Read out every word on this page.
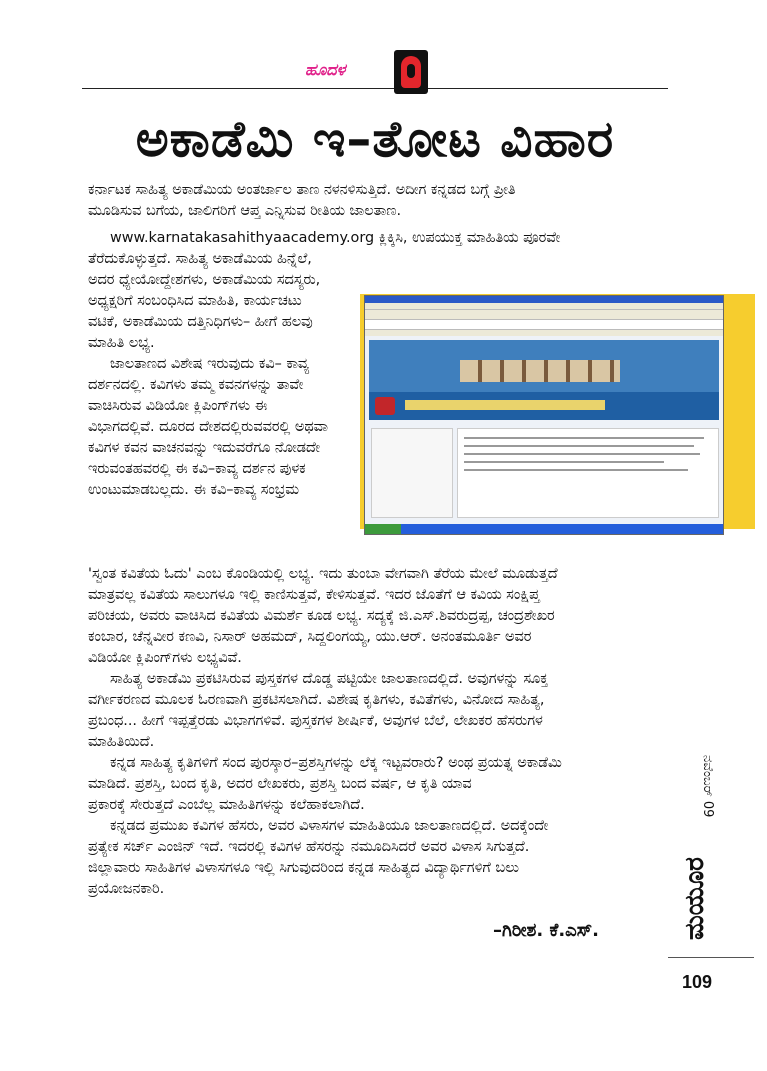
ಹೂದಳ
ಅಕಾಡೆಮಿ ಇ–ತೋಟ ವಿಹಾರ

ಕರ್ನಾಟಕ ಸಾಹಿತ್ಯ ಅಕಾಡೆಮಿಯ ಅಂತರ್ಜಾಲ ತಾಣ ನಳನಳಿಸುತ್ತಿದೆ. ಅದೀಗ ಕನ್ನಡದ ಬಗ್ಗೆ ಪ್ರೀತಿ

ಮೂಡಿಸುವ ಬಗೆಯ, ಜಾಲಿಗರಿಗೆ ಆಪ್ತ ಎನ್ನಿಸುವ ರೀತಿಯ ಜಾಲತಾಣ.

www.karnatakasahithyaacademy.org ಕ್ಲಿಕ್ಕಿಸಿ, ಉಪಯುಕ್ತ ಮಾಹಿತಿಯ ಪೂರವೇ

ತೆರೆದುಕೊಳ್ಳುತ್ತದೆ. ಸಾಹಿತ್ಯ ಅಕಾಡೆಮಿಯ ಹಿನ್ನೆಲೆ,

ಅದರ ಧ್ಯೇಯೋದ್ದೇಶಗಳು, ಅಕಾಡೆಮಿಯ ಸದಸ್ಯರು,

ಅಧ್ಯಕ್ಷರಿಗೆ ಸಂಬಂಧಿಸಿದ ಮಾಹಿತಿ, ಕಾರ್ಯಚಟು

ವಟಿಕೆ, ಅಕಾಡೆಮಿಯ ದತ್ತಿನಿಧಿಗಳು– ಹೀಗೆ ಹಲವು

ಮಾಹಿತಿ ಲಭ್ಯ.

ಜಾಲತಾಣದ ವಿಶೇಷ ಇರುವುದು ಕವಿ– ಕಾವ್ಯ

ದರ್ಶನದಲ್ಲಿ. ಕವಿಗಳು ತಮ್ಮ ಕವನಗಳನ್ನು ತಾವೇ

ವಾಚಿಸಿರುವ ವಿಡಿಯೋ ಕ್ಲಿಪಿಂಗ್‌ಗಳು ಈ

ವಿಭಾಗದಲ್ಲಿವೆ. ದೂರದ ದೇಶದಲ್ಲಿರುವವರಲ್ಲಿ ಅಥವಾ

ಕವಿಗಳ ಕವನ ವಾಚನವನ್ನು ಇದುವರೆಗೂ ನೋಡದೇ

ಇರುವಂತಹವರಲ್ಲಿ ಈ ಕವಿ–ಕಾವ್ಯ ದರ್ಶನ ಪುಳಕ

ಉಂಟುಮಾಡಬಲ್ಲದು. ಈ ಕವಿ–ಕಾವ್ಯ ಸಂಭ್ರಮ

'ಸ್ವಂತ ಕವಿತೆಯ ಓದು' ಎಂಬ ಕೊಂಡಿಯಲ್ಲಿ ಲಭ್ಯ. ಇದು ತುಂಬಾ ವೇಗವಾಗಿ ತೆರೆಯ ಮೇಲೆ ಮೂಡುತ್ತದೆ

ಮಾತ್ರವಲ್ಲ ಕವಿತೆಯ ಸಾಲುಗಳೂ ಇಲ್ಲಿ ಕಾಣಿಸುತ್ತವೆ, ಕೇಳಿಸುತ್ತವೆ. ಇದರ ಜೊತೆಗೆ ಆ ಕವಿಯ ಸಂಕ್ಷಿಪ್ತ

ಪರಿಚಯ, ಅವರು ವಾಚಿಸಿದ ಕವಿತೆಯ ವಿಮರ್ಶೆ ಕೂಡ ಲಭ್ಯ. ಸದ್ಯಕ್ಕೆ ಜಿ.ಎಸ್.ಶಿವರುದ್ರಪ್ಪ, ಚಂದ್ರಶೇಖರ

ಕಂಬಾರ, ಚೆನ್ನವೀರ ಕಣವಿ, ನಿಸಾರ್ ಅಹಮದ್, ಸಿದ್ದಲಿಂಗಯ್ಯ, ಯು.ಆರ್. ಅನಂತಮೂರ್ತಿ ಅವರ

ವಿಡಿಯೋ ಕ್ಲಿಪಿಂಗ್‌ಗಳು ಲಭ್ಯವಿವೆ.

ಸಾಹಿತ್ಯ ಅಕಾಡೆಮಿ ಪ್ರಕಟಿಸಿರುವ ಪುಸ್ತಕಗಳ ದೊಡ್ಡ ಪಟ್ಟಿಯೇ ಜಾಲತಾಣದಲ್ಲಿದೆ. ಅವುಗಳನ್ನು ಸೂಕ್ತ

ವರ್ಗೀಕರಣದ ಮೂಲಕ ಓರಣವಾಗಿ ಪ್ರಕಟಿಸಲಾಗಿದೆ. ವಿಶೇಷ ಕೃತಿಗಳು, ಕವಿತೆಗಳು, ವಿನೋದ ಸಾಹಿತ್ಯ,

ಪ್ರಬಂಧ... ಹೀಗೆ ಇಪ್ಪತ್ತೆರಡು ವಿಭಾಗಗಳಿವೆ. ಪುಸ್ತಕಗಳ ಶೀರ್ಷಿಕೆ, ಅವುಗಳ ಬೆಲೆ, ಲೇಖಕರ ಹೆಸರುಗಳ

ಮಾಹಿತಿಯಿದೆ.

ಕನ್ನಡ ಸಾಹಿತ್ಯ ಕೃತಿಗಳಿಗೆ ಸಂದ ಪುರಸ್ಕಾರ–ಪ್ರಶಸ್ತಿಗಳನ್ನು ಲೆಕ್ಕ ಇಟ್ಟವರಾರು? ಅಂಥ ಪ್ರಯತ್ನ ಅಕಾಡೆಮಿ

ಮಾಡಿದೆ. ಪ್ರಶಸ್ತಿ, ಬಂದ ಕೃತಿ, ಅದರ ಲೇಖಕರು, ಪ್ರಶಸ್ತಿ ಬಂದ ವರ್ಷ, ಆ ಕೃತಿ ಯಾವ

ಪ್ರಕಾರಕ್ಕೆ ಸೇರುತ್ತದೆ ಎಂಬೆಲ್ಲ ಮಾಹಿತಿಗಳನ್ನು ಕಲೆಹಾಕಲಾಗಿದೆ.

ಕನ್ನಡದ ಪ್ರಮುಖ ಕವಿಗಳ ಹೆಸರು, ಅವರ ವಿಳಾಸಗಳ ಮಾಹಿತಿಯೂ ಜಾಲತಾಣದಲ್ಲಿದೆ. ಅದಕ್ಕೆಂದೇ

ಪ್ರತ್ಯೇಕ ಸರ್ಚ್ ಎಂಜಿನ್ ಇದೆ. ಇದರಲ್ಲಿ ಕವಿಗಳ ಹೆಸರನ್ನು ನಮೂದಿಸಿದರೆ ಅವರ ವಿಳಾಸ ಸಿಗುತ್ತದೆ.

ಜಿಲ್ಲಾವಾರು ಸಾಹಿತಿಗಳ ವಿಳಾಸಗಳೂ ಇಲ್ಲಿ ಸಿಗುವುದರಿಂದ ಕನ್ನಡ ಸಾಹಿತ್ಯದ ವಿದ್ಯಾರ್ಥಿಗಳಿಗೆ ಬಲು

ಪ್ರಯೋಜನಕಾರಿ.

–ಗಿರೀಶ. ಕೆ.ಎಸ್.
ನವೆಂಬರ್ 09
ಮಯೂರ
109
